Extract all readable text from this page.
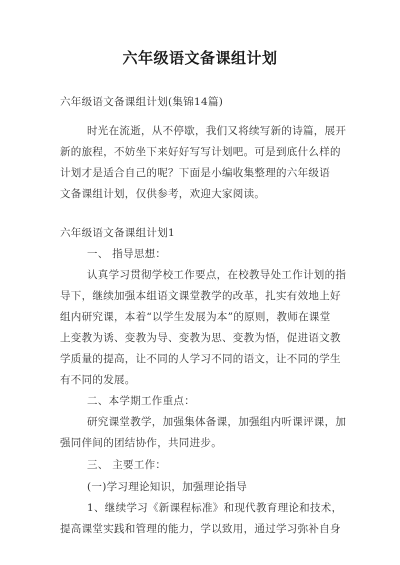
六年级语文备课组计划
六年级语文备课组计划(集锦14篇)
时光在流逝，从不停歇，我们又将续写新的诗篇，展开
新的旅程，不妨坐下来好好写写计划吧。可是到底什么样的
计划才是适合自己的呢？下面是小编收集整理的六年级语
文备课组计划，仅供参考，欢迎大家阅读。
六年级语文备课组计划1
一、 指导思想：
认真学习贯彻学校工作要点，在校教导处工作计划的指
导下，继续加强本组语文课堂教学的改革，扎实有效地上好
组内研究课，本着“以学生发展为本”的原则，教师在课堂
上变教为诱、变教为导、变教为思、变教为悟，促进语文教
学质量的提高，让不同的人学习不同的语文，让不同的学生
有不同的发展。
二、本学期工作重点：
研究课堂教学，加强集体备课，加强组内听课评课，加
强同伴间的团结协作，共同进步。
三、 主要工作：
(一)学习理论知识，加强理论指导
1、继续学习《新课程标准》和现代教育理论和技术，
提高课堂实践和管理的能力，学以致用，通过学习弥补自身
